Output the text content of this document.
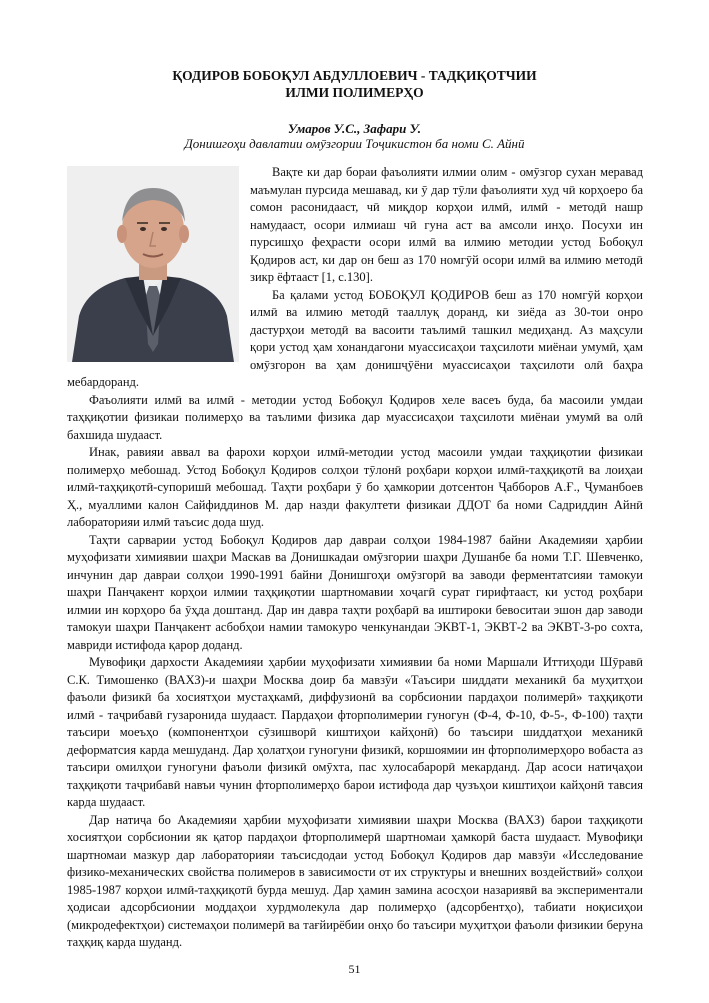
ҚОДИРОВ БОБОҚУЛ АБДУЛЛОЕВИЧ - ТАДҚИҚОТЧИИ
ИЛМИ ПОЛИМЕРҲО
Умаров У.С., Зафари У.
Донишгоҳи давлатии омӯзгории Тоҷикистон ба номи С. Айнӣ

Вақте ки дар бораи фаъолияти илмии олим - омӯзгор сухан меравад маъмулан пурсида мешавад, ки ӯ дар тӯли фаъолияти худ чӣ корҳоеро ба сомон расонидааст, чӣ миқдор корҳои илмӣ, илмӣ - методӣ нашр намудааст, осори илмиаш чӣ гуна аст ва амсоли инҳо. Посухи ин пурсишҳо феҳрасти осори илмӣ ва илмию методии устод Бобоқул Қодиров аст, ки дар он беш аз 170 номгӯй осори илмӣ ва илмию методӣ зикр ёфтааст [1, с.130].

Ба қалами устод БОБОҚУЛ ҚОДИРОВ беш аз 170 номгӯй корҳои илмӣ ва илмию методӣ тааллуқ доранд, ки зиёда аз 30-тои онро дастурҳои методӣ ва васоити таълимӣ ташкил медиҳанд. Аз маҳсули қори устод ҳам хонандагони муассисаҳои таҳсилоти миёнаи умумӣ, ҳам омӯзгорон ва ҳам донишҷӯёни муассисаҳои таҳсилоти олӣ баҳра мебардоранд.

Фаъолияти илмӣ ва илмӣ - методии устод Бобоқул Қодиров хеле васеъ буда, ба масоили умдаи таҳқиқотии физикаи полимерҳо ва таълими физика дар муассисаҳои таҳсилоти миёнаи умумӣ ва олӣ бахшида шудааст.

Инак, равияи аввал ва фарохи корҳои илмӣ-методии устод масоили умдаи таҳқиқотии физикаи полимерҳо мебошад. Устод Бобоқул Қодиров солҳои тӯлонӣ роҳбари корҳои илмӣ-таҳқиқотӣ ва лоиҳаи илмӣ-таҳқиқотӣ-супоришӣ мебошад. Таҳти роҳбари ӯ бо ҳамкории дотсентон Ҷабборов А.Ғ., Ҷуманбоев Ҳ., муаллими калон Сайфиддинов М. дар назди факултети физикаи ДДОТ ба номи Садриддин Айнӣ лабораторияи илмӣ таъсис дода шуд.

Таҳти сарварии устод Бобоқул Қодиров дар давраи солҳои 1984-1987 байни Академияи ҳарбии муҳофизати химиявии шаҳри Маскав ва Донишкадаи омӯзгории шаҳри Душанбе ба номи Т.Г. Шевченко, инчунин дар давраи солҳои 1990-1991 байни Донишгоҳи омӯзгорӣ ва заводи ферментатсияи тамокуи шаҳри Панҷакент корҳои илмии таҳқиқотии шартномавии хоҷагӣ сурат гирифтааст, ки устод роҳбари илмии ин корҳоро ба ӯҳда доштанд. Дар ин давра таҳти роҳбарӣ ва иштироки бевоситаи эшон дар заводи тамокуи шаҳри Панҷакент асбобҳои намии тамокуро ченкунандаи ЭКВТ-1, ЭКВТ-2 ва ЭКВТ-3-ро сохта, мавриди истифода қарор доданд.

Мувофиқи дархости Академияи ҳарбии муҳофизати химиявии ба номи Маршали Иттиҳоди Шӯравӣ С.К. Тимошенко (ВАХЗ)-и шаҳри Москва доир ба мавзӯи «Таъсири шиддати механикӣ ба муҳитҳои фаъоли физикӣ ба хосиятҳои мустаҳкамӣ, диффузионӣ ва сорбсионии пардаҳои полимерӣ» таҳқиқоти илмӣ - таҷрибавӣ гузаронида шудааст. Пардаҳои фторполимерии гуногун (Ф-4, Ф-10, Ф-5-, Ф-100) таҳти таъсири моеъҳо (компонентҳои сӯзишворӣ киштиҳои кайҳонӣ) бо таъсири шиддатҳои механикӣ деформатсия карда мешуданд. Дар ҳолатҳои гуногуни физикӣ, коршоямии ин фторполимерҳоро вобаста аз таъсири омилҳои гуногуни фаъоли физикӣ омӯхта, пас хулосабарорӣ мекарданд. Дар асоси натиҷаҳои таҳқиқоти таҷрибавӣ навъи чунин фторполимерҳо барои истифода дар ҷузъҳои киштиҳои кайҳонӣ тавсия карда шудааст.

Дар натиҷа бо Академияи ҳарбии муҳофизати химиявии шаҳри Москва (ВАХЗ) барои таҳқиқоти хосиятҳои сорбсионии як қатор пардаҳои фторполимерӣ шартномаи ҳамкорӣ баста шудааст. Мувофиқи шартномаи мазкур дар лабораторияи таъсисдодаи устод Бобоқул Қодиров дар мавзӯи «Исследование физико-механических свойства полимеров в зависимости от их структуры и внешних воздействий» солҳои 1985-1987 корҳои илмӣ-таҳқиқотӣ бурда мешуд. Дар ҳамин замина асосҳои назариявӣ ва экспериментали ҳодисаи адсорбсионии моддаҳои хурдмолекула дар полимерҳо (адсорбентҳо), табиати ноқисиҳои (микродефектҳои) системаҳои полимерӣ ва тағйирёбии онҳо бо таъсири муҳитҳои фаъоли физикии беруна таҳқиқ карда шуданд.

51
